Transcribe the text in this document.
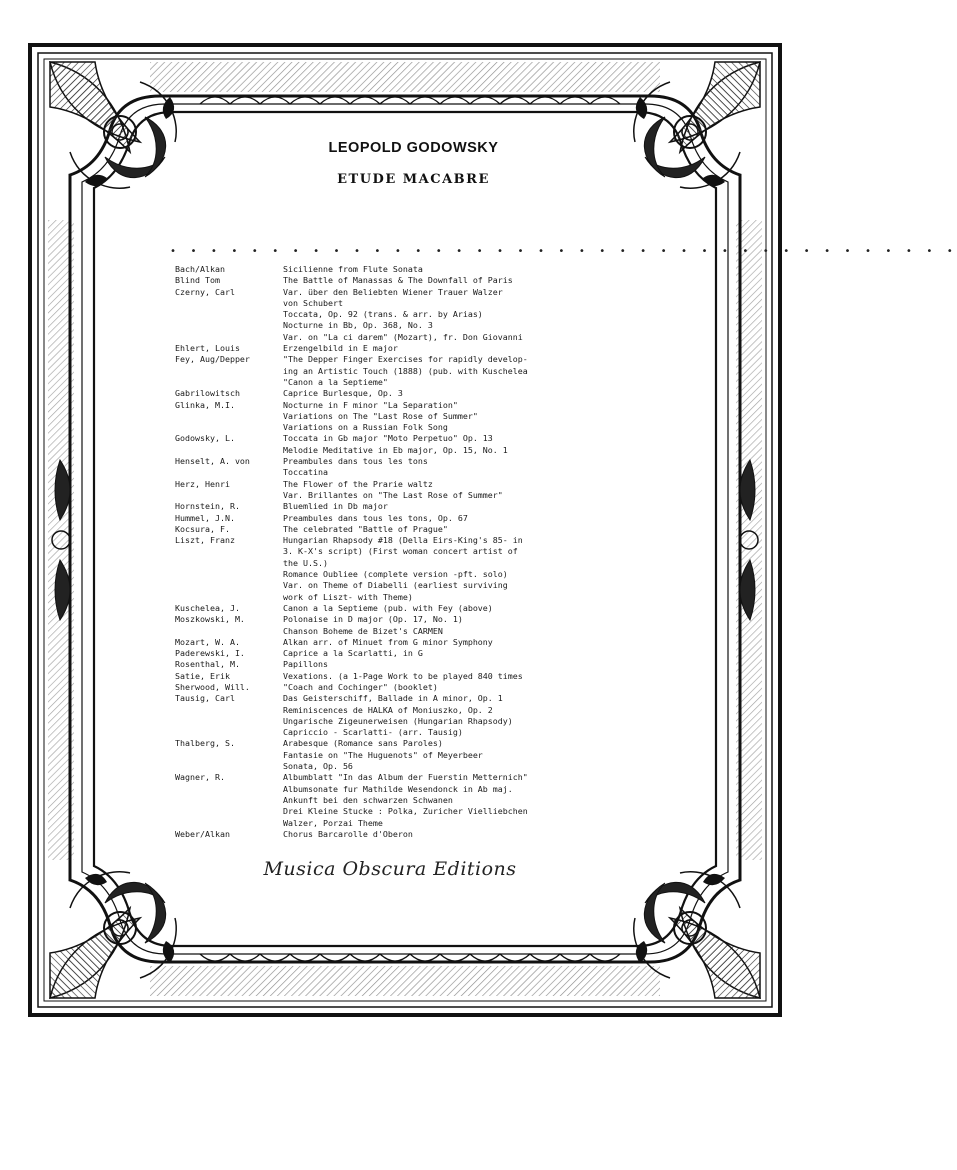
LEOPOLD GODOWSKY
ETUDE MACABRE
• • • • • • • • • • • • • • • • • • • • • • • • • • • • • • • • • • • • • • •
Bach/Alkan	Sicilienne from Flute Sonata
Blind Tom	The Battle of Manassas & The Downfall of Paris
Czerny, Carl	Var. über den Beliebten Wiener Trauer Walzer
von Schubert
Toccata, Op. 92 (trans. & arr. by Arias)
Nocturne in Bb, Op. 368, No. 3
Var. on "La ci darem" (Mozart), fr. Don Giovanni
Ehlert, Louis	Erzengelbild in E major
Fey, Aug/Depper	"The Depper Finger Exercises for rapidly develop-
ing an Artistic Touch (1888) (pub. with Kuschelea
"Canon a la Septieme"
Gabrilowitsch	Caprice Burlesque, Op. 3
Glinka, M.I.	Nocturne in F minor "La Separation"
Variations on The "Last Rose of Summer"
Variations on a Russian Folk Song
Godowsky, L.	Toccata in Gb major "Moto Perpetuo" Op. 13
Melodie Meditative in Eb major, Op. 15, No. 1
Henselt, A. von	Preambules dans tous les tons
Toccatina
Herz, Henri	The Flower of the Prarie waltz
Var. Brillantes on "The Last Rose of Summer"
Hornstein, R.	Bluemlied in Db major
Hummel, J.N.	Preambules dans tous les tons, Op. 67
Kocsura, F.	The celebrated "Battle of Prague"
Liszt, Franz	Hungarian Rhapsody #18 (Della Eirs-King's 85- in
3. K-X's script) (First woman concert artist of
the U.S.)
Romance Oubliee (complete version -pft. solo)
Var. on Theme of Diabelli (earliest surviving
work of Liszt- with Theme)
Kuschelea, J.	Canon a la Septieme (pub. with Fey (above)
Moszkowski, M.	Polonaise in D major (Op. 17, No. 1)
Chanson Boheme de Bizet's CARMEN
Mozart, W. A.	Alkan arr. of Minuet from G minor Symphony
Paderewski, I.	Caprice a la Scarlatti, in G
Rosenthal, M.	Papillons
Satie, Erik	Vexations. (a 1-Page Work to be played 840 times
Sherwood, Will.	"Coach and Cochinger" (booklet)
Tausig, Carl	Das Geisterschiff, Ballade in A minor, Op. 1
Reminiscences de HALKA of Moniuszko, Op. 2
Ungarische Zigeunerweisen (Hungarian Rhapsody)
Capriccio - Scarlatti- (arr. Tausig)
Thalberg, S.	Arabesque (Romance sans Paroles)
Fantasie on "The Huguenots" of Meyerbeer
Sonata, Op. 56
Wagner, R.	Albumblatt "In das Album der Fuerstin Metternich"
Albumsonate fur Mathilde Wesendonck in Ab maj.
Ankunft bei den schwarzen Schwanen
Drei Kleine Stucke : Polka, Zuricher Vielliebchen
Walzer, Porzai Theme
Weber/Alkan	Chorus Barcarolle d'Oberon
Musica Obscura Editions
